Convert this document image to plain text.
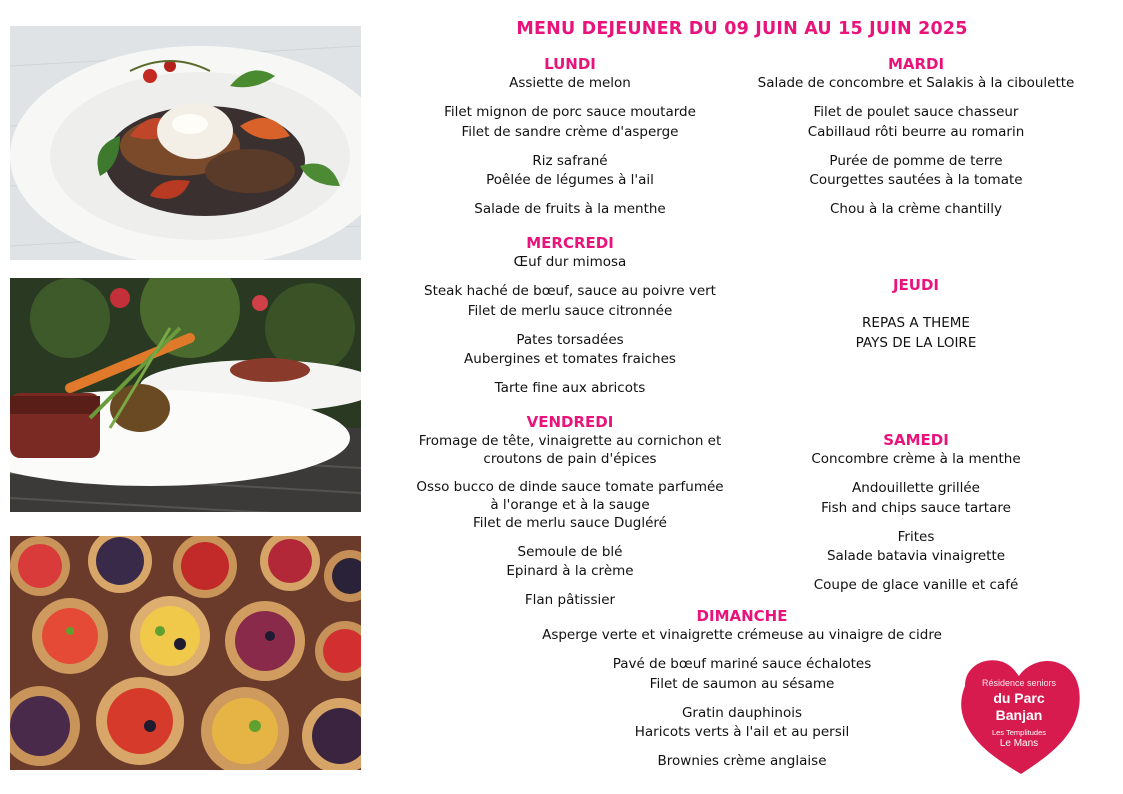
MENU DEJEUNER DU 09 JUIN AU 15 JUIN 2025
LUNDI
Assiette de melon
Filet mignon de porc sauce moutarde
Filet de sandre crème d'asperge
Riz safrané
Poêlée de légumes à l'ail
Salade de fruits à la menthe
MARDI
Salade de concombre et Salakis à la ciboulette
Filet de poulet sauce chasseur
Cabillaud rôti beurre au romarin
Purée de pomme de terre
Courgettes sautées à la tomate
Chou à la crème chantilly
MERCREDI
Œuf dur mimosa
Steak haché de bœuf, sauce au poivre vert
Filet de merlu sauce citronnée
Pates torsadées
Aubergines et tomates fraiches
Tarte fine aux abricots
JEUDI
REPAS A THEME
PAYS DE LA LOIRE
VENDREDI
Fromage de tête, vinaigrette au cornichon et croutons de pain d'épices
Osso bucco de dinde sauce tomate parfumée à l'orange et à la sauge
Filet de merlu sauce Dugléré
Semoule de blé
Epinard à la crème
Flan pâtissier
SAMEDI
Concombre crème à la menthe
Andouillette grillée
Fish and chips sauce tartare
Frites
Salade batavia vinaigrette
Coupe de glace vanille et café
DIMANCHE
Asperge verte et vinaigrette crémeuse au vinaigre de cidre
Pavé de bœuf mariné sauce échalotes
Filet de saumon au sésame
Gratin dauphinois
Haricots verts à l'ail et au persil
Brownies crème anglaise
Résidence seniors
du Parc
Banjan
Les Templitudes
Le Mans
